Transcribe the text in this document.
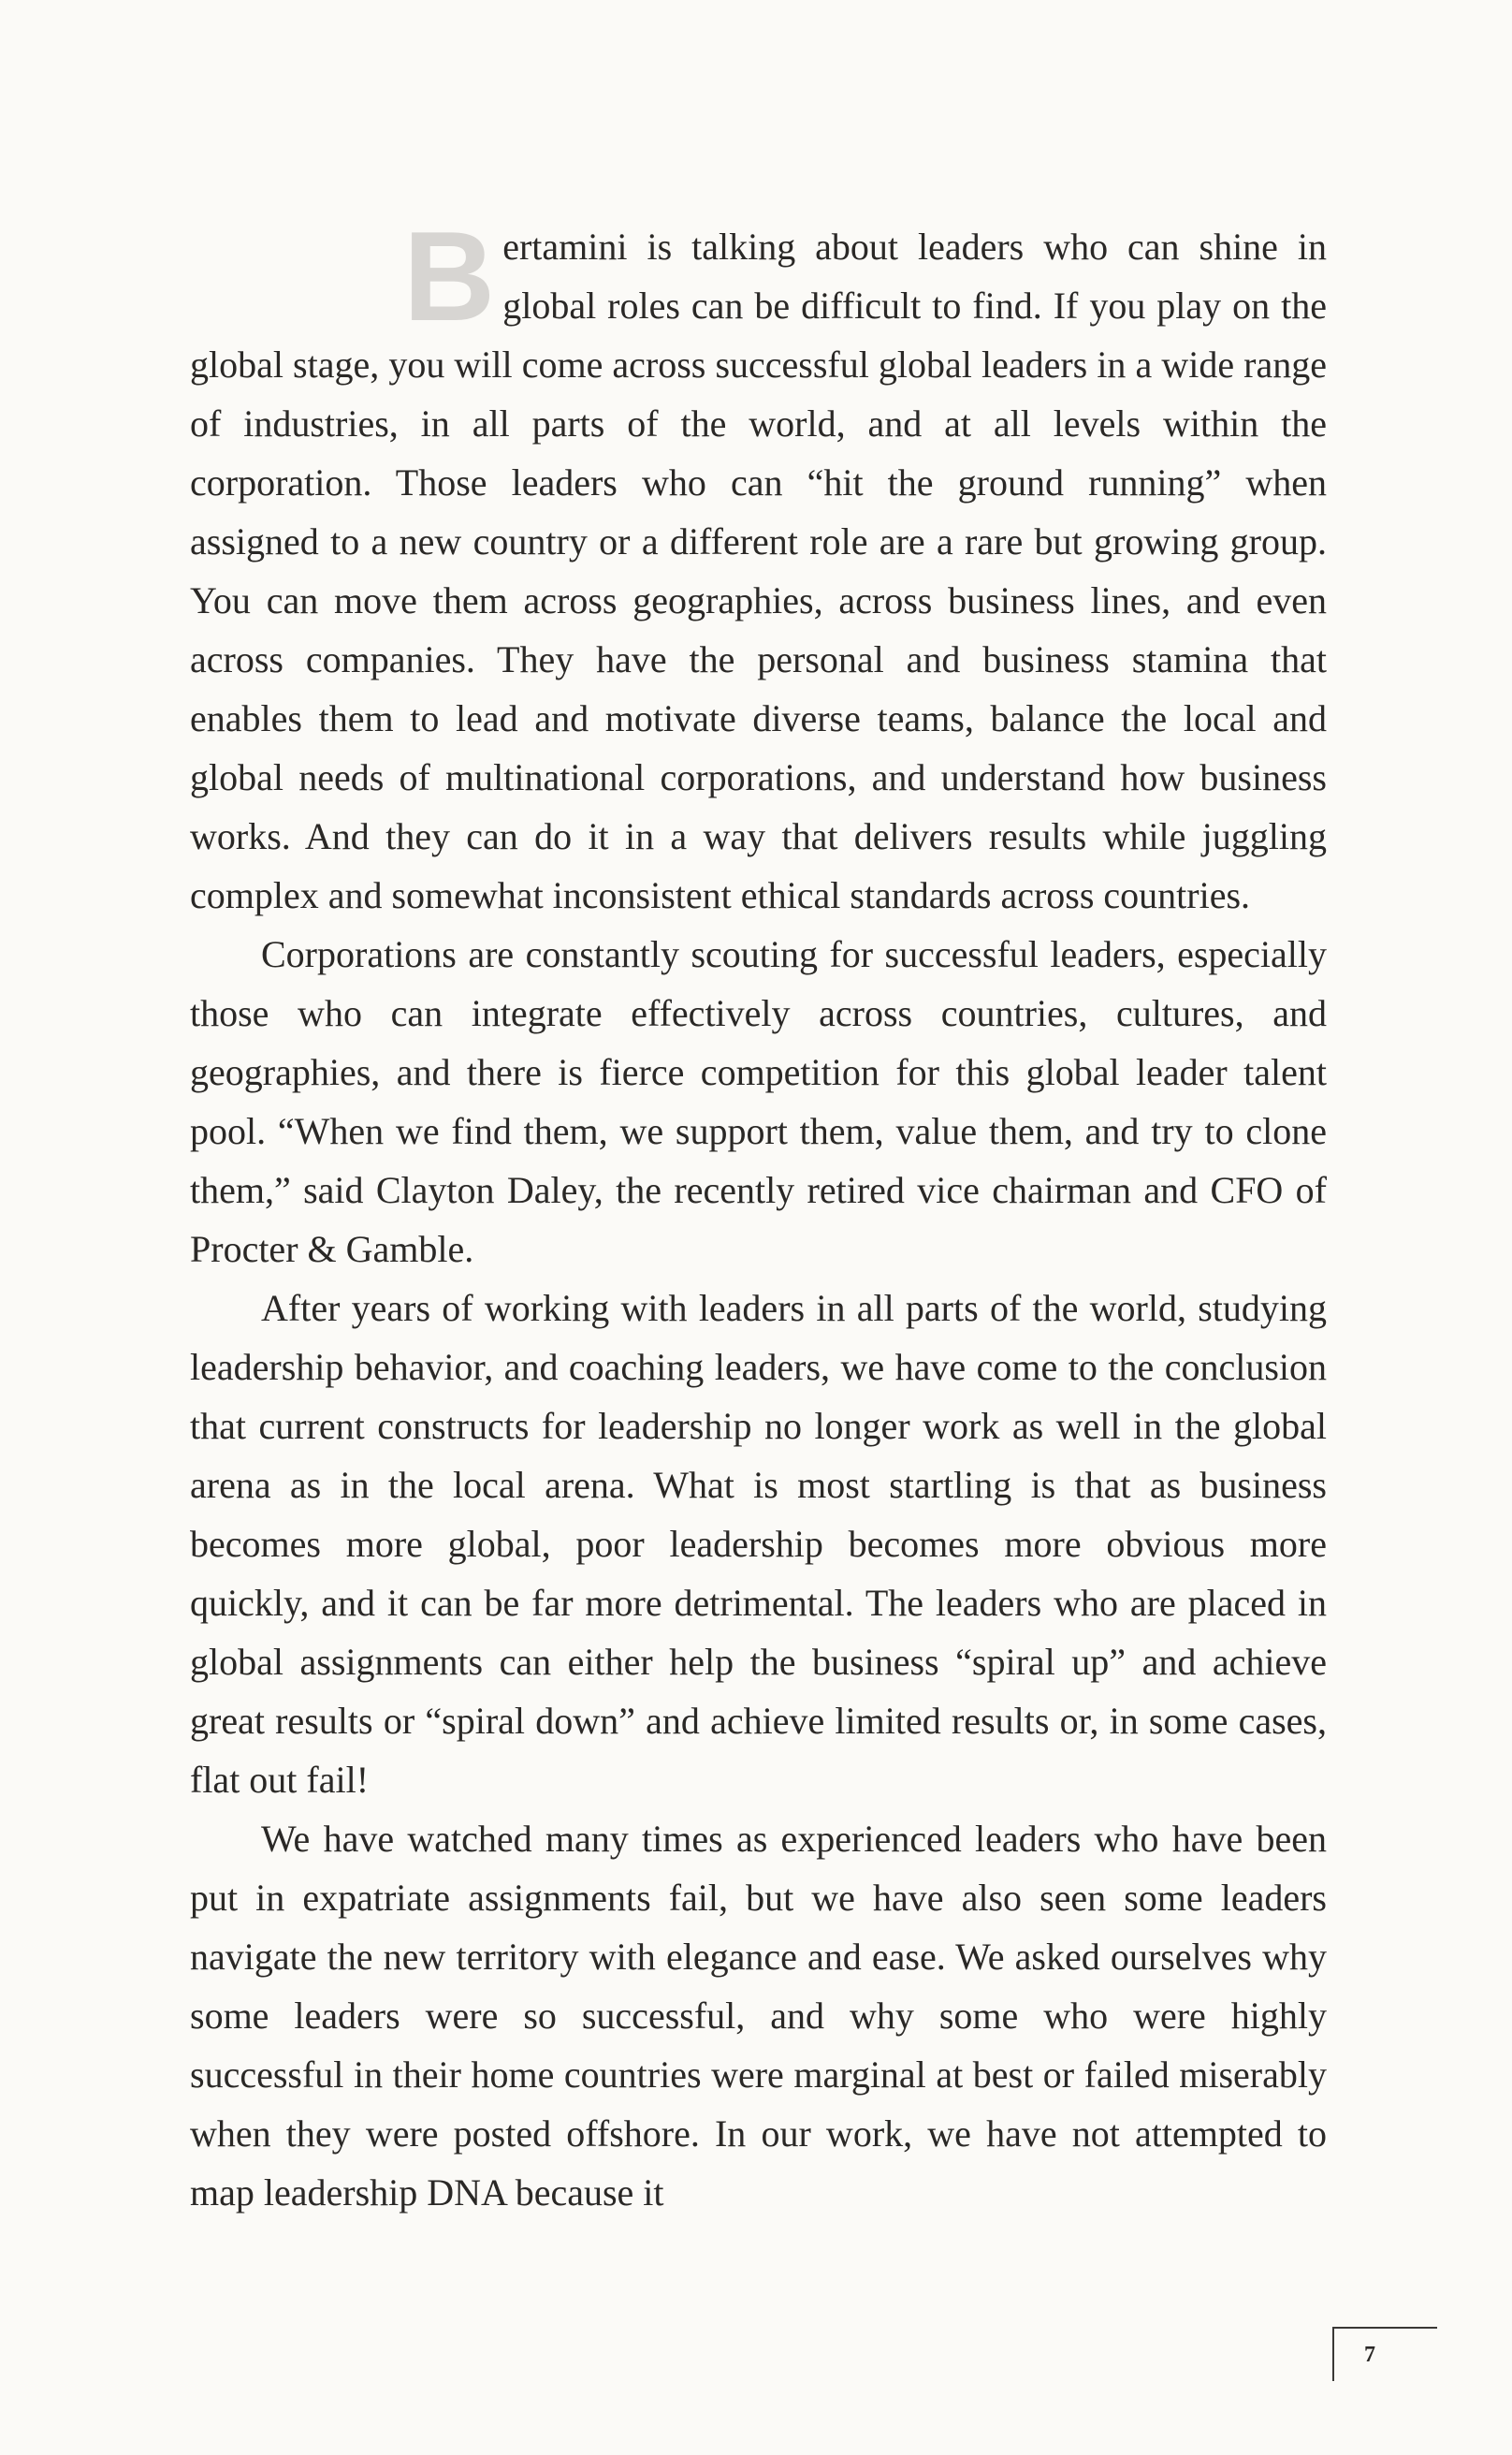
Bertamini is talking about leaders who can shine in global roles can be difficult to find. If you play on the global stage, you will come across successful global leaders in a wide range of industries, in all parts of the world, and at all levels within the corporation. Those leaders who can “hit the ground running” when assigned to a new country or a different role are a rare but growing group. You can move them across geographies, across business lines, and even across companies. They have the personal and business stamina that enables them to lead and motivate diverse teams, balance the local and global needs of multinational corporations, and understand how business works. And they can do it in a way that delivers results while juggling complex and somewhat inconsistent ethical standards across countries.

Corporations are constantly scouting for successful leaders, especially those who can integrate effectively across countries, cultures, and geographies, and there is fierce competition for this global leader talent pool. “When we find them, we support them, value them, and try to clone them,” said Clayton Daley, the recently retired vice chairman and CFO of Procter & Gamble.

After years of working with leaders in all parts of the world, studying leadership behavior, and coaching leaders, we have come to the conclusion that current constructs for leadership no longer work as well in the global arena as in the local arena. What is most startling is that as business becomes more global, poor leadership becomes more obvious more quickly, and it can be far more detrimental. The leaders who are placed in global assignments can either help the business “spiral up” and achieve great results or “spiral down” and achieve limited results or, in some cases, flat out fail!

We have watched many times as experienced leaders who have been put in expatriate assignments fail, but we have also seen some leaders navigate the new territory with elegance and ease. We asked ourselves why some leaders were so successful, and why some who were highly successful in their home countries were marginal at best or failed miserably when they were posted offshore. In our work, we have not attempted to map leadership DNA because it

7
